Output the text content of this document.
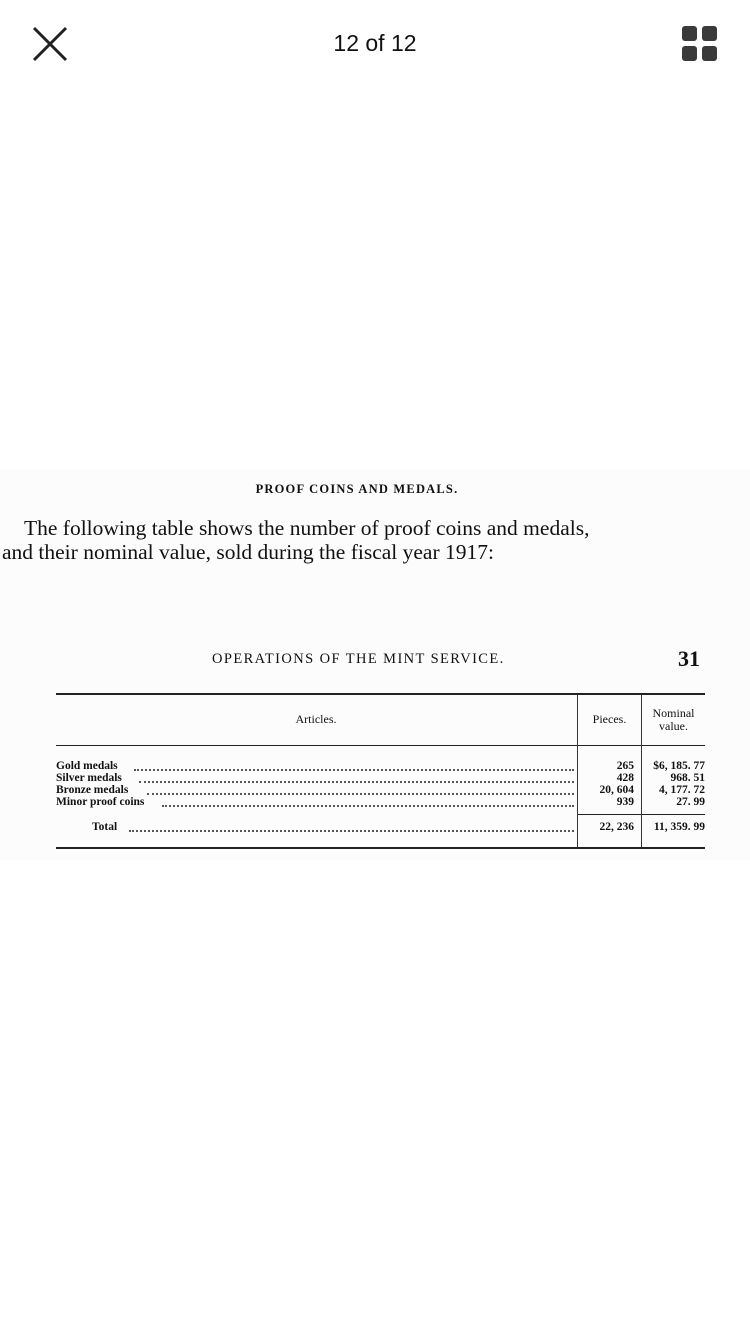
12 of 12
PROOF COINS AND MEDALS.
The following table shows the number of proof coins and medals,
and their nominal value, sold during the fiscal year 1917:
OPERATIONS OF THE MINT SERVICE.	31
Articles.	Pieces.	Nominal
value.
Gold medals	265	$6, 185. 77
Silver medals	428	968. 51
Bronze medals	20, 604	4, 177. 72
Minor proof coins	939	27. 99
Total	22, 236	11, 359. 99
